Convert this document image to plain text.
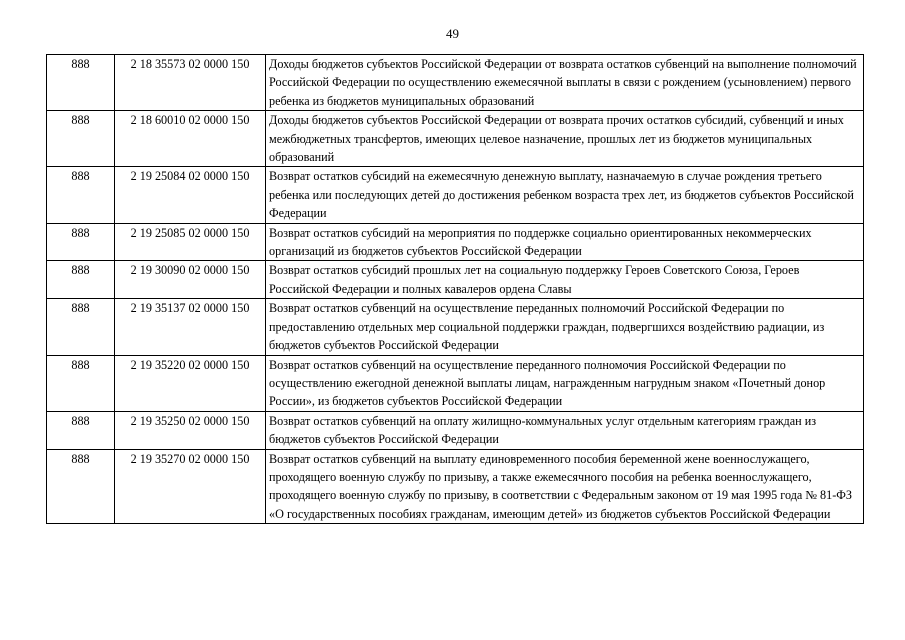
49
888	2 18 35573 02 0000 150	Доходы бюджетов субъектов Российской Федерации от возврата остатков субвенций на выполнение полномочий Российской Федерации по осуществлению ежемесячной выплаты в связи с рождением (усыновлением) первого ребенка из бюджетов муниципальных образований
888	2 18 60010 02 0000 150	Доходы бюджетов субъектов Российской Федерации от возврата прочих остатков субсидий, субвенций и иных межбюджетных трансфертов, имеющих целевое назначение, прошлых лет из бюджетов муниципальных образований
888	2 19 25084 02 0000 150	Возврат остатков субсидий на ежемесячную денежную выплату, назначаемую в случае рождения третьего ребенка или последующих детей до достижения ребенком возраста трех лет, из бюджетов субъектов Российской Федерации
888	2 19 25085 02 0000 150	Возврат остатков субсидий на мероприятия по поддержке социально ориентированных некоммерческих организаций из бюджетов субъектов Российской Федерации
888	2 19 30090 02 0000 150	Возврат остатков субсидий прошлых лет на социальную поддержку Героев Советского Союза, Героев Российской Федерации и полных кавалеров ордена Славы
888	2 19 35137 02 0000 150	Возврат остатков субвенций на осуществление переданных полномочий Российской Федерации по предоставлению отдельных мер социальной поддержки граждан, подвергшихся воздействию радиации, из бюджетов субъектов Российской Федерации
888	2 19 35220 02 0000 150	Возврат остатков субвенций на осуществление переданного полномочия Российской Федерации по осуществлению ежегодной денежной выплаты лицам, награжденным нагрудным знаком «Почетный донор России», из бюджетов субъектов Российской Федерации
888	2 19 35250 02 0000 150	Возврат остатков субвенций на оплату жилищно-коммунальных услуг отдельным категориям граждан из бюджетов субъектов Российской Федерации
888	2 19 35270 02 0000 150	Возврат остатков субвенций на выплату единовременного пособия беременной жене военнослужащего, проходящего военную службу по призыву, а также ежемесячного пособия на ребенка военнослужащего, проходящего военную службу по призыву, в соответствии с Федеральным законом от 19 мая 1995 года № 81-ФЗ «О государственных пособиях гражданам, имеющим детей» из бюджетов субъектов Российской Федерации
